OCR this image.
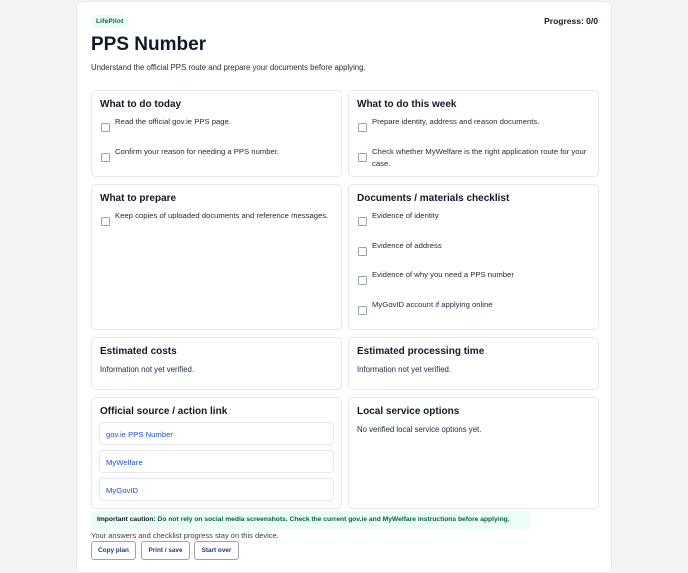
LifePilot	Progress: 0/0
PPS Number

Understand the official PPS route and prepare your documents before applying.

What to do today
Read the official gov.ie PPS page.
Confirm your reason for needing a PPS number.
What to do this week
Prepare identity, address and reason documents.
Check whether MyWelfare is the right application route for your case.
What to prepare
Keep copies of uploaded documents and reference messages.
Documents / materials checklist
Evidence of identity
Evidence of address
Evidence of why you need a PPS number
MyGovID account if applying online
Estimated costs
Information not yet verified.
Estimated processing time
Information not yet verified.
Official source / action link
gov.ie PPS Number
MyWelfare
MyGovID
Local service options
No verified local service options yet.
Important caution: Do not rely on social media screenshots. Check the current gov.ie and MyWelfare instructions before applying.
Your answers and checklist progress stay on this device.
Copy plan	Print / save	Start over
